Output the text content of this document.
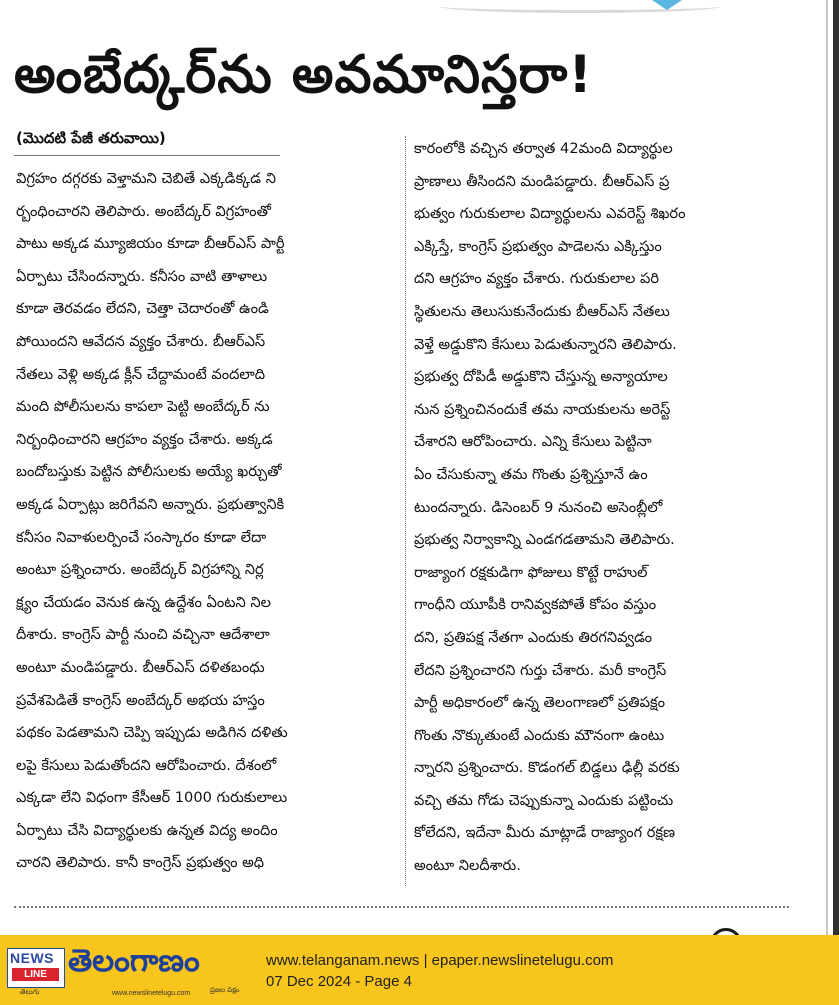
అంబేద్కర్‌ను అవమానిస్తరా!
(మొదటి పేజీ తరువాయి)
విగ్రహం దగ్గరకు వెళ్తామని చెబితే ఎక్కడిక్కడ ని
ర్బంధించారని తెలిపారు. అంబేద్కర్ విగ్రహంతో
పాటు అక్కడ మ్యూజియం కూడా బీఆర్ఎస్ పార్టీ
ఏర్పాటు చేసిందన్నారు. కనీసం వాటి తాళాలు
కూడా తెరవడం లేదని, చెత్తా చెదారంతో ఉండి
పోయిందని ఆవేదన వ్యక్తం చేశారు. బీఆర్ఎస్
నేతలు వెళ్లి అక్కడ క్లీన్ చేద్దామంటే వందలాది
మంది పోలీసులను కాపలా పెట్టి అంబేద్కర్ ను
నిర్బంధించారని ఆగ్రహం వ్యక్తం చేశారు. అక్కడ
బందోబస్తుకు పెట్టిన పోలీసులకు అయ్యే ఖర్చుతో
అక్కడ ఏర్పాట్లు జరిగేవని అన్నారు. ప్రభుత్వానికి
కనీసం నివాళులర్పించే సంస్కారం కూడా లేదా
అంటూ ప్రశ్నించారు. అంబేద్కర్ విగ్రహాన్ని నిర్ల
క్ష్యం చేయడం వెనుక ఉన్న ఉద్దేశం ఏంటని నిల
దీశారు. కాంగ్రెస్ పార్టీ నుంచి వచ్చినా ఆదేశాలా
అంటూ మండిపడ్డారు. బీఆర్ఎస్ దళితబంధు
ప్రవేశపెడితే కాంగ్రెస్ అంబేద్కర్ అభయ హస్తం
పథకం పెడతామని చెప్పి ఇప్పుడు అడిగిన దళితు
లపై కేసులు పెడుతోందని ఆరోపించారు. దేశంలో
ఎక్కడా లేని విధంగా కేసీఆర్ 1000 గురుకులాలు
ఏర్పాటు చేసి విద్యార్థులకు ఉన్నత విద్య అందిం
చారని తెలిపారు. కానీ కాంగ్రెస్ ప్రభుత్వం అధి
కారంలోకి వచ్చిన తర్వాత 42మంది విద్యార్థుల
ప్రాణాలు తీసిందని మండిపడ్డారు. బీఆర్ఎస్ ప్ర
భుత్వం గురుకులాల విద్యార్థులను ఎవరెస్ట్ శిఖరం
ఎక్కిస్తే, కాంగ్రెస్ ప్రభుత్వం పాడెలను ఎక్కిస్తుం
దని ఆగ్రహం వ్యక్తం చేశారు. గురుకులాల పరి
స్థితులను తెలుసుకునేందుకు బీఆర్ఎస్ నేతలు
వెళ్తే అడ్డుకొని కేసులు పెడుతున్నారని తెలిపారు.
ప్రభుత్వ దోపిడీ అడ్డుకొని చేస్తున్న అన్యాయాల
నున ప్రశ్నించినందుకే తమ నాయకులను అరెస్ట్
చేశారని ఆరోపించారు. ఎన్ని కేసులు పెట్టినా
ఏం చేసుకున్నా తమ గొంతు ప్రశ్నిస్తూనే ఉం
టుందన్నారు. డిసెంబర్ 9 నునంచి అసెంబ్లీలో
ప్రభుత్వ నిర్వాకాన్ని ఎండగడతామని తెలిపారు.
రాజ్యాంగ రక్షకుడిగా ఫోజులు కొట్టే రాహుల్
గాంధీని యూపీకి రానివ్వకపోతే కోపం వస్తుం
దని, ప్రతిపక్ష నేతగా ఎందుకు తిరగనివ్వడం
లేదని ప్రశ్నించారని గుర్తు చేశారు. మరీ కాంగ్రెస్
పార్టీ అధికారంలో ఉన్న తెలంగాణలో ప్రతిపక్షం
గొంతు నొక్కుతుంటే ఎందుకు మౌనంగా ఉంటు
న్నారని ప్రశ్నించారు. కొడంగల్ బిడ్డలు ఢిల్లీ వరకు
వచ్చి తమ గోడు చెప్పుకున్నా ఎందుకు పట్టించు
కోలేదని, ఇదేనా మీరు మాట్లాడే రాజ్యాంగ రక్షణ
అంటూ నిలదీశారు.
NEWS
LINE
తెలుగు
తెలంగాణం
ప్రజల పక్షం
www.newslinetelugu.com
www.telanganam.news | epaper.newslinetelugu.com
07 Dec 2024 - Page 4
